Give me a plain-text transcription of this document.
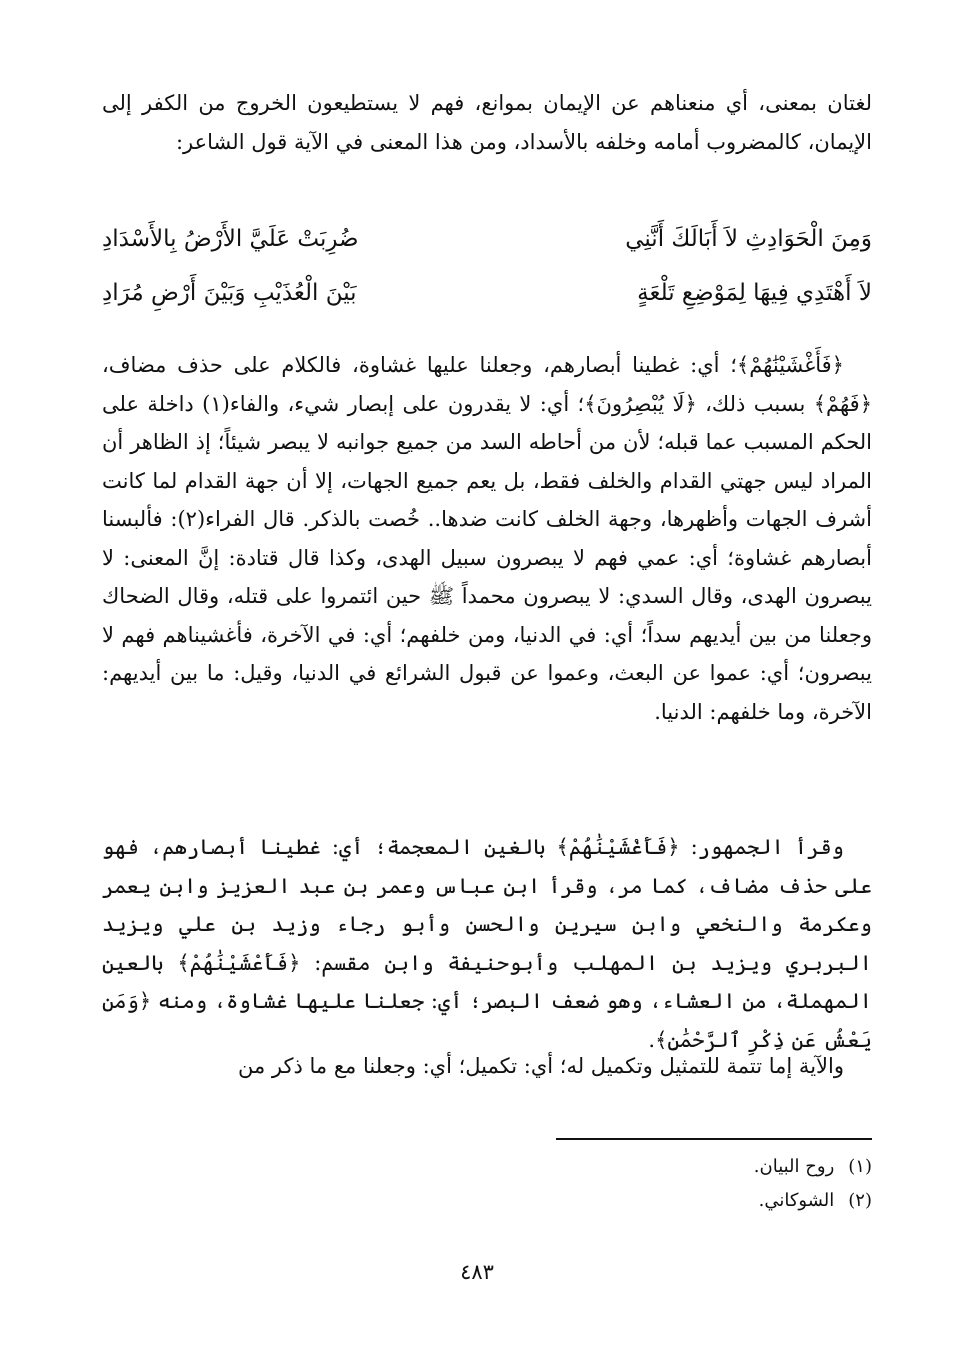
لغتان بمعنى، أي منعناهم عن الإيمان بموانع، فهم لا يستطيعون الخروج من الكفر إلى الإيمان، كالمضروب أمامه وخلفه بالأسداد، ومن هذا المعنى في الآية قول الشاعر:

وَمِنَ الْحَوَادِثِ لاَ أَبَالَكَ أَنَّنِي
ضُرِبَتْ عَلَيَّ الأَرْضُ بِالأَسْدَادِ
لاَ أَهْتَدِي فِيهَا لِمَوْضِعِ تَلْعَةٍ
بَيْنَ الْعُذَيْبِ وَبَيْنَ أَرْضِ مُرَادِ

﴿فَأَغْشَيْنَٰهُمْ﴾؛ أي: غطينا أبصارهم، وجعلنا عليها غشاوة، فالكلام على حذف مضاف، ﴿فَهُمْ﴾ بسبب ذلك، ﴿لَا يُبْصِرُونَ﴾؛ أي: لا يقدرون على إبصار شيء، والفاء(١) داخلة على الحكم المسبب عما قبله؛ لأن من أحاطه السد من جميع جوانبه لا يبصر شيئاً؛ إذ الظاهر أن المراد ليس جهتي القدام والخلف فقط، بل يعم جميع الجهات، إلا أن جهة القدام لما كانت أشرف الجهات وأظهرها، وجهة الخلف كانت ضدها.. خُصت بالذكر. قال الفراء(٢): فألبسنا أبصارهم غشاوة؛ أي: عمي فهم لا يبصرون سبيل الهدى، وكذا قال قتادة: إنَّ المعنى: لا يبصرون الهدى، وقال السدي: لا يبصرون محمداً ﷺ حين ائتمروا على قتله، وقال الضحاك وجعلنا من بين أيديهم سداً؛ أي: في الدنيا، ومن خلفهم؛ أي: في الآخرة، فأغشيناهم فهم لا يبصرون؛ أي: عموا عن البعث، وعموا عن قبول الشرائع في الدنيا، وقيل: ما بين أيديهم: الآخرة، وما خلفهم: الدنيا.

وقرأ الجمهور: ﴿فَأَغْشَيْنَٰهُمْ﴾ بالغين المعجمة؛ أي: غطينا أبصارهم، فهو على حذف مضاف، كما مر، وقرأ ابن عباس وعمر بن عبد العزيز وابن يعمر وعكرمة والنخعي وابن سيرين والحسن وأبو رجاء وزيد بن علي ويزيد البربري ويزيد بن المهلب وأبوحنيفة وابن مقسم: ﴿فَأَعْشَيْنَٰهُمْ﴾ بالعين المهملة، من العشاء، وهو ضعف البصر؛ أي: جعلنا عليها غشاوة، ومنه ﴿وَمَن يَعْشُ عَن ذِكْرِ ٱلرَّحْمَٰنِ﴾.

والآية إما تتمة للتمثيل وتكميل له؛ أي: تكميل؛ أي: وجعلنا مع ما ذكر من

(١)روح البيان.
(٢)الشوكاني.
٤٨٣
